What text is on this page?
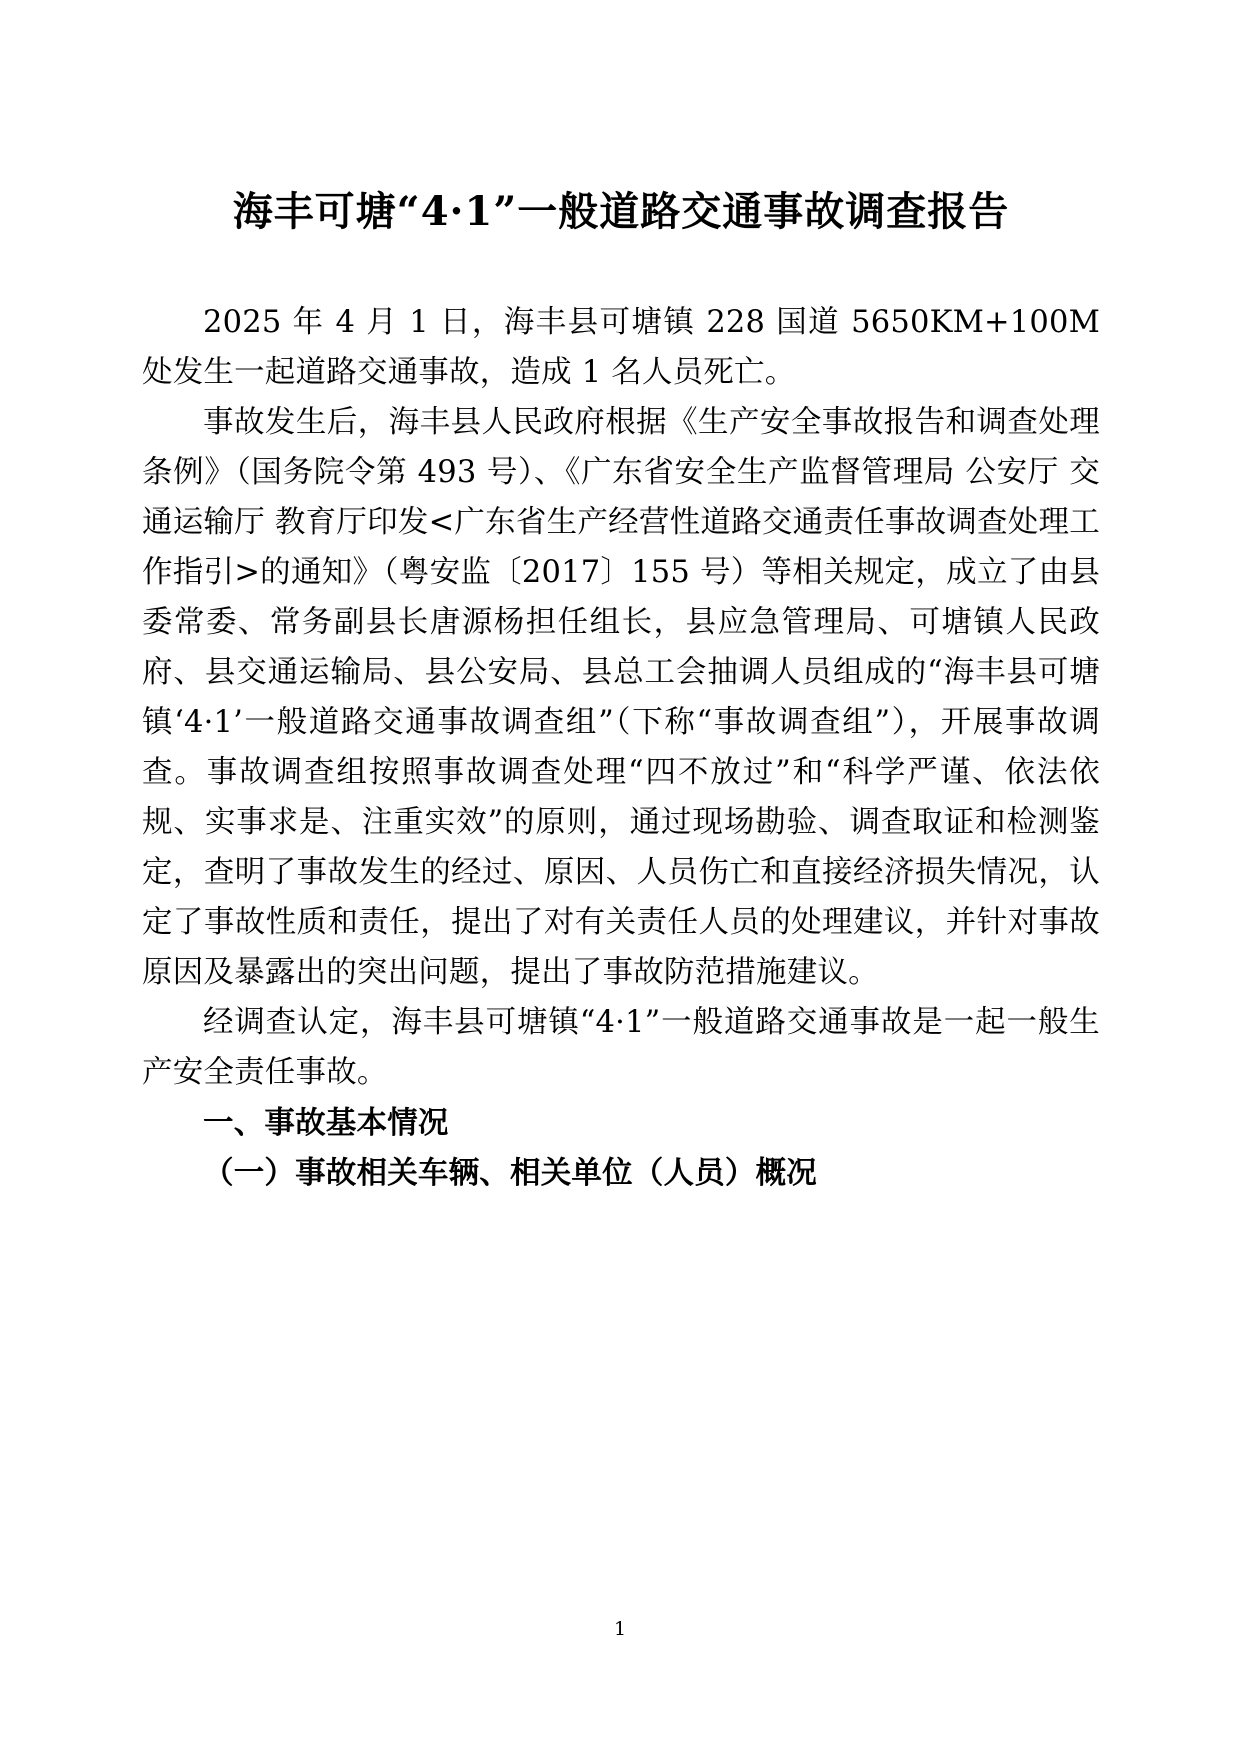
海丰可塘“4·1”一般道路交通事故调查报告

2025 年 4 月 1 日，海丰县可塘镇 228 国道 5650KM+100M 处发生一起道路交通事故，造成 1 名人员死亡。

事故发生后，海丰县人民政府根据《生产安全事故报告和调查处理条例》（国务院令第 493 号）、《广东省安全生产监督管理局 公安厅 交通运输厅 教育厅印发<广东省生产经营性道路交通责任事故调查处理工作指引>的通知》（粤安监〔2017〕155 号）等相关规定，成立了由县委常委、常务副县长唐源杨担任组长，县应急管理局、可塘镇人民政府、县交通运输局、县公安局、县总工会抽调人员组成的“海丰县可塘镇‘4·1’一般道路交通事故调查组”（下称“事故调查组”），开展事故调查。事故调查组按照事故调查处理“四不放过”和“科学严谨、依法依规、实事求是、注重实效”的原则，通过现场勘验、调查取证和检测鉴定，查明了事故发生的经过、原因、人员伤亡和直接经济损失情况，认定了事故性质和责任，提出了对有关责任人员的处理建议，并针对事故原因及暴露出的突出问题，提出了事故防范措施建议。

经调查认定，海丰县可塘镇“4·1”一般道路交通事故是一起一般生产安全责任事故。

一、事故基本情况
（一）事故相关车辆、相关单位（人员）概况
1
